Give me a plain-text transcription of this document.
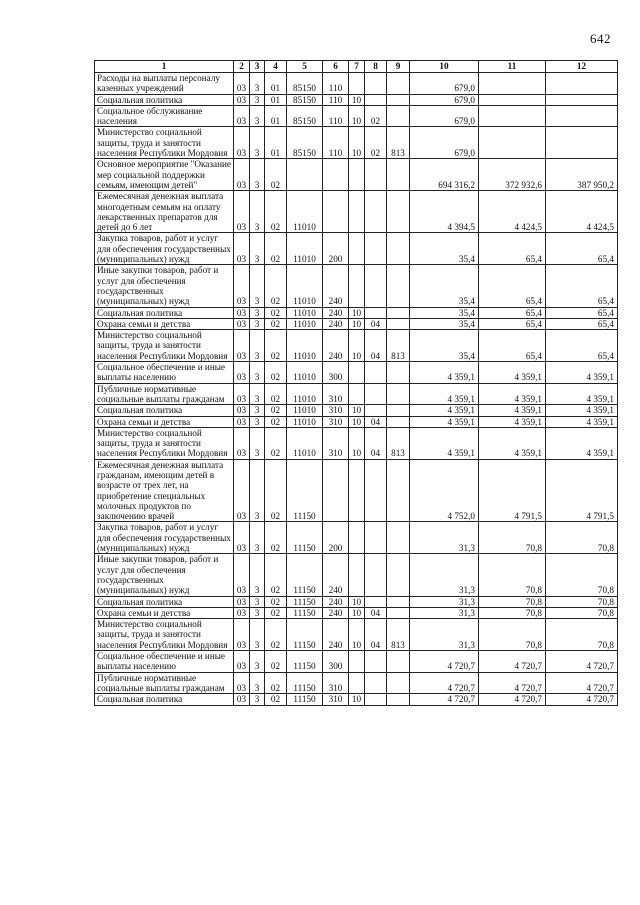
642
1	2	3	4	5	6	7	8	9	10	11	12
Расходы на выплаты персоналу казенных учреждений	03	3	01	85150	110				679,0		
Социальная политика	03	3	01	85150	110	10			679,0		
Социальное обслуживание населения	03	3	01	85150	110	10	02		679,0		
Министерство социальной защиты, труда и занятости населения Республики Мордовия	03	3	01	85150	110	10	02	813	679,0		
Основное мероприятие "Оказание мер социальной поддержки семьям, имеющим детей"	03	3	02						694 316,2	372 932,6	387 950,2
Ежемесячная денежная выплата многодетным семьям на оплату лекарственных препаратов для детей до 6 лет	03	3	02	11010					4 394,5	4 424,5	4 424,5
Закупка товаров, работ и услуг для обеспечения государственных (муниципальных) нужд	03	3	02	11010	200				35,4	65,4	65,4
Иные закупки товаров, работ и услуг для обеспечения государственных (муниципальных) нужд	03	3	02	11010	240				35,4	65,4	65,4
Социальная политика	03	3	02	11010	240	10			35,4	65,4	65,4
Охрана семьи и детства	03	3	02	11010	240	10	04		35,4	65,4	65,4
Министерство социальной защиты, труда и занятости населения Республики Мордовия	03	3	02	11010	240	10	04	813	35,4	65,4	65,4
Социальное обеспечение и иные выплаты населению	03	3	02	11010	300				4 359,1	4 359,1	4 359,1
Публичные нормативные социальные выплаты гражданам	03	3	02	11010	310				4 359,1	4 359,1	4 359,1
Социальная политика	03	3	02	11010	310	10			4 359,1	4 359,1	4 359,1
Охрана семьи и детства	03	3	02	11010	310	10	04		4 359,1	4 359,1	4 359,1
Министерство социальной защиты, труда и занятости населения Республики Мордовия	03	3	02	11010	310	10	04	813	4 359,1	4 359,1	4 359,1
Ежемесячная денежная выплата гражданам, имеющим детей в возрасте от трех лет, на приобретение специальных молочных продуктов по заключению врачей	03	3	02	11150					4 752,0	4 791,5	4 791,5
Закупка товаров, работ и услуг для обеспечения государственных (муниципальных) нужд	03	3	02	11150	200				31,3	70,8	70,8
Иные закупки товаров, работ и услуг для обеспечения государственных (муниципальных) нужд	03	3	02	11150	240				31,3	70,8	70,8
Социальная политика	03	3	02	11150	240	10			31,3	70,8	70,8
Охрана семьи и детства	03	3	02	11150	240	10	04		31,3	70,8	70,8
Министерство социальной защиты, труда и занятости населения Республики Мордовия	03	3	02	11150	240	10	04	813	31,3	70,8	70,8
Социальное обеспечение и иные выплаты населению	03	3	02	11150	300				4 720,7	4 720,7	4 720,7
Публичные нормативные социальные выплаты гражданам	03	3	02	11150	310				4 720,7	4 720,7	4 720,7
Социальная политика	03	3	02	11150	310	10			4 720,7	4 720,7	4 720,7
